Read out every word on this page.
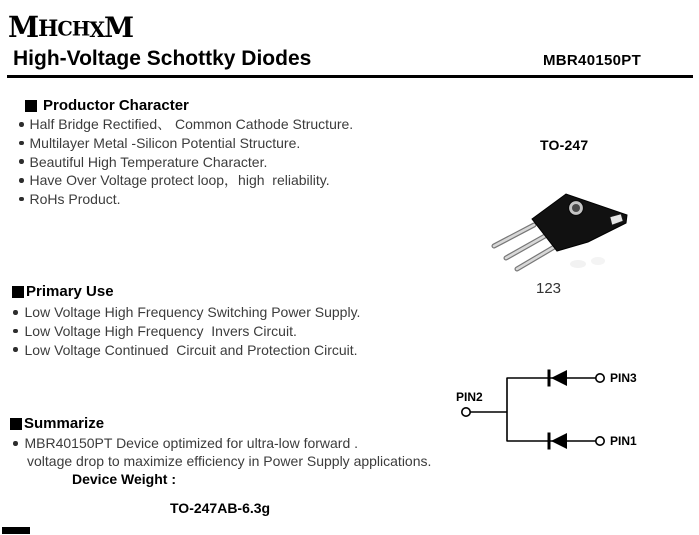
M H C H X M
High-Voltage Schottky Diodes	MBR40150PT
Productor Character
Half Bridge Rectified、 Common Cathode Structure.
Multilayer Metal -Silicon Potential Structure.
Beautiful High Temperature Character.
Have Over Voltage protect loop，high  reliability.
RoHs Product.
TO-247
123
Primary Use
Low Voltage High Frequency Switching Power Supply.
Low Voltage High Frequency  Invers Circuit.
Low Voltage Continued  Circuit and Protection Circuit.
PIN2
PIN3
PIN1
Summarize
MBR40150PT Device optimized for ultra-low forward .
voltage drop to maximize efficiency in Power Supply applications.
Device Weight :
TO-247AB-6.3g
